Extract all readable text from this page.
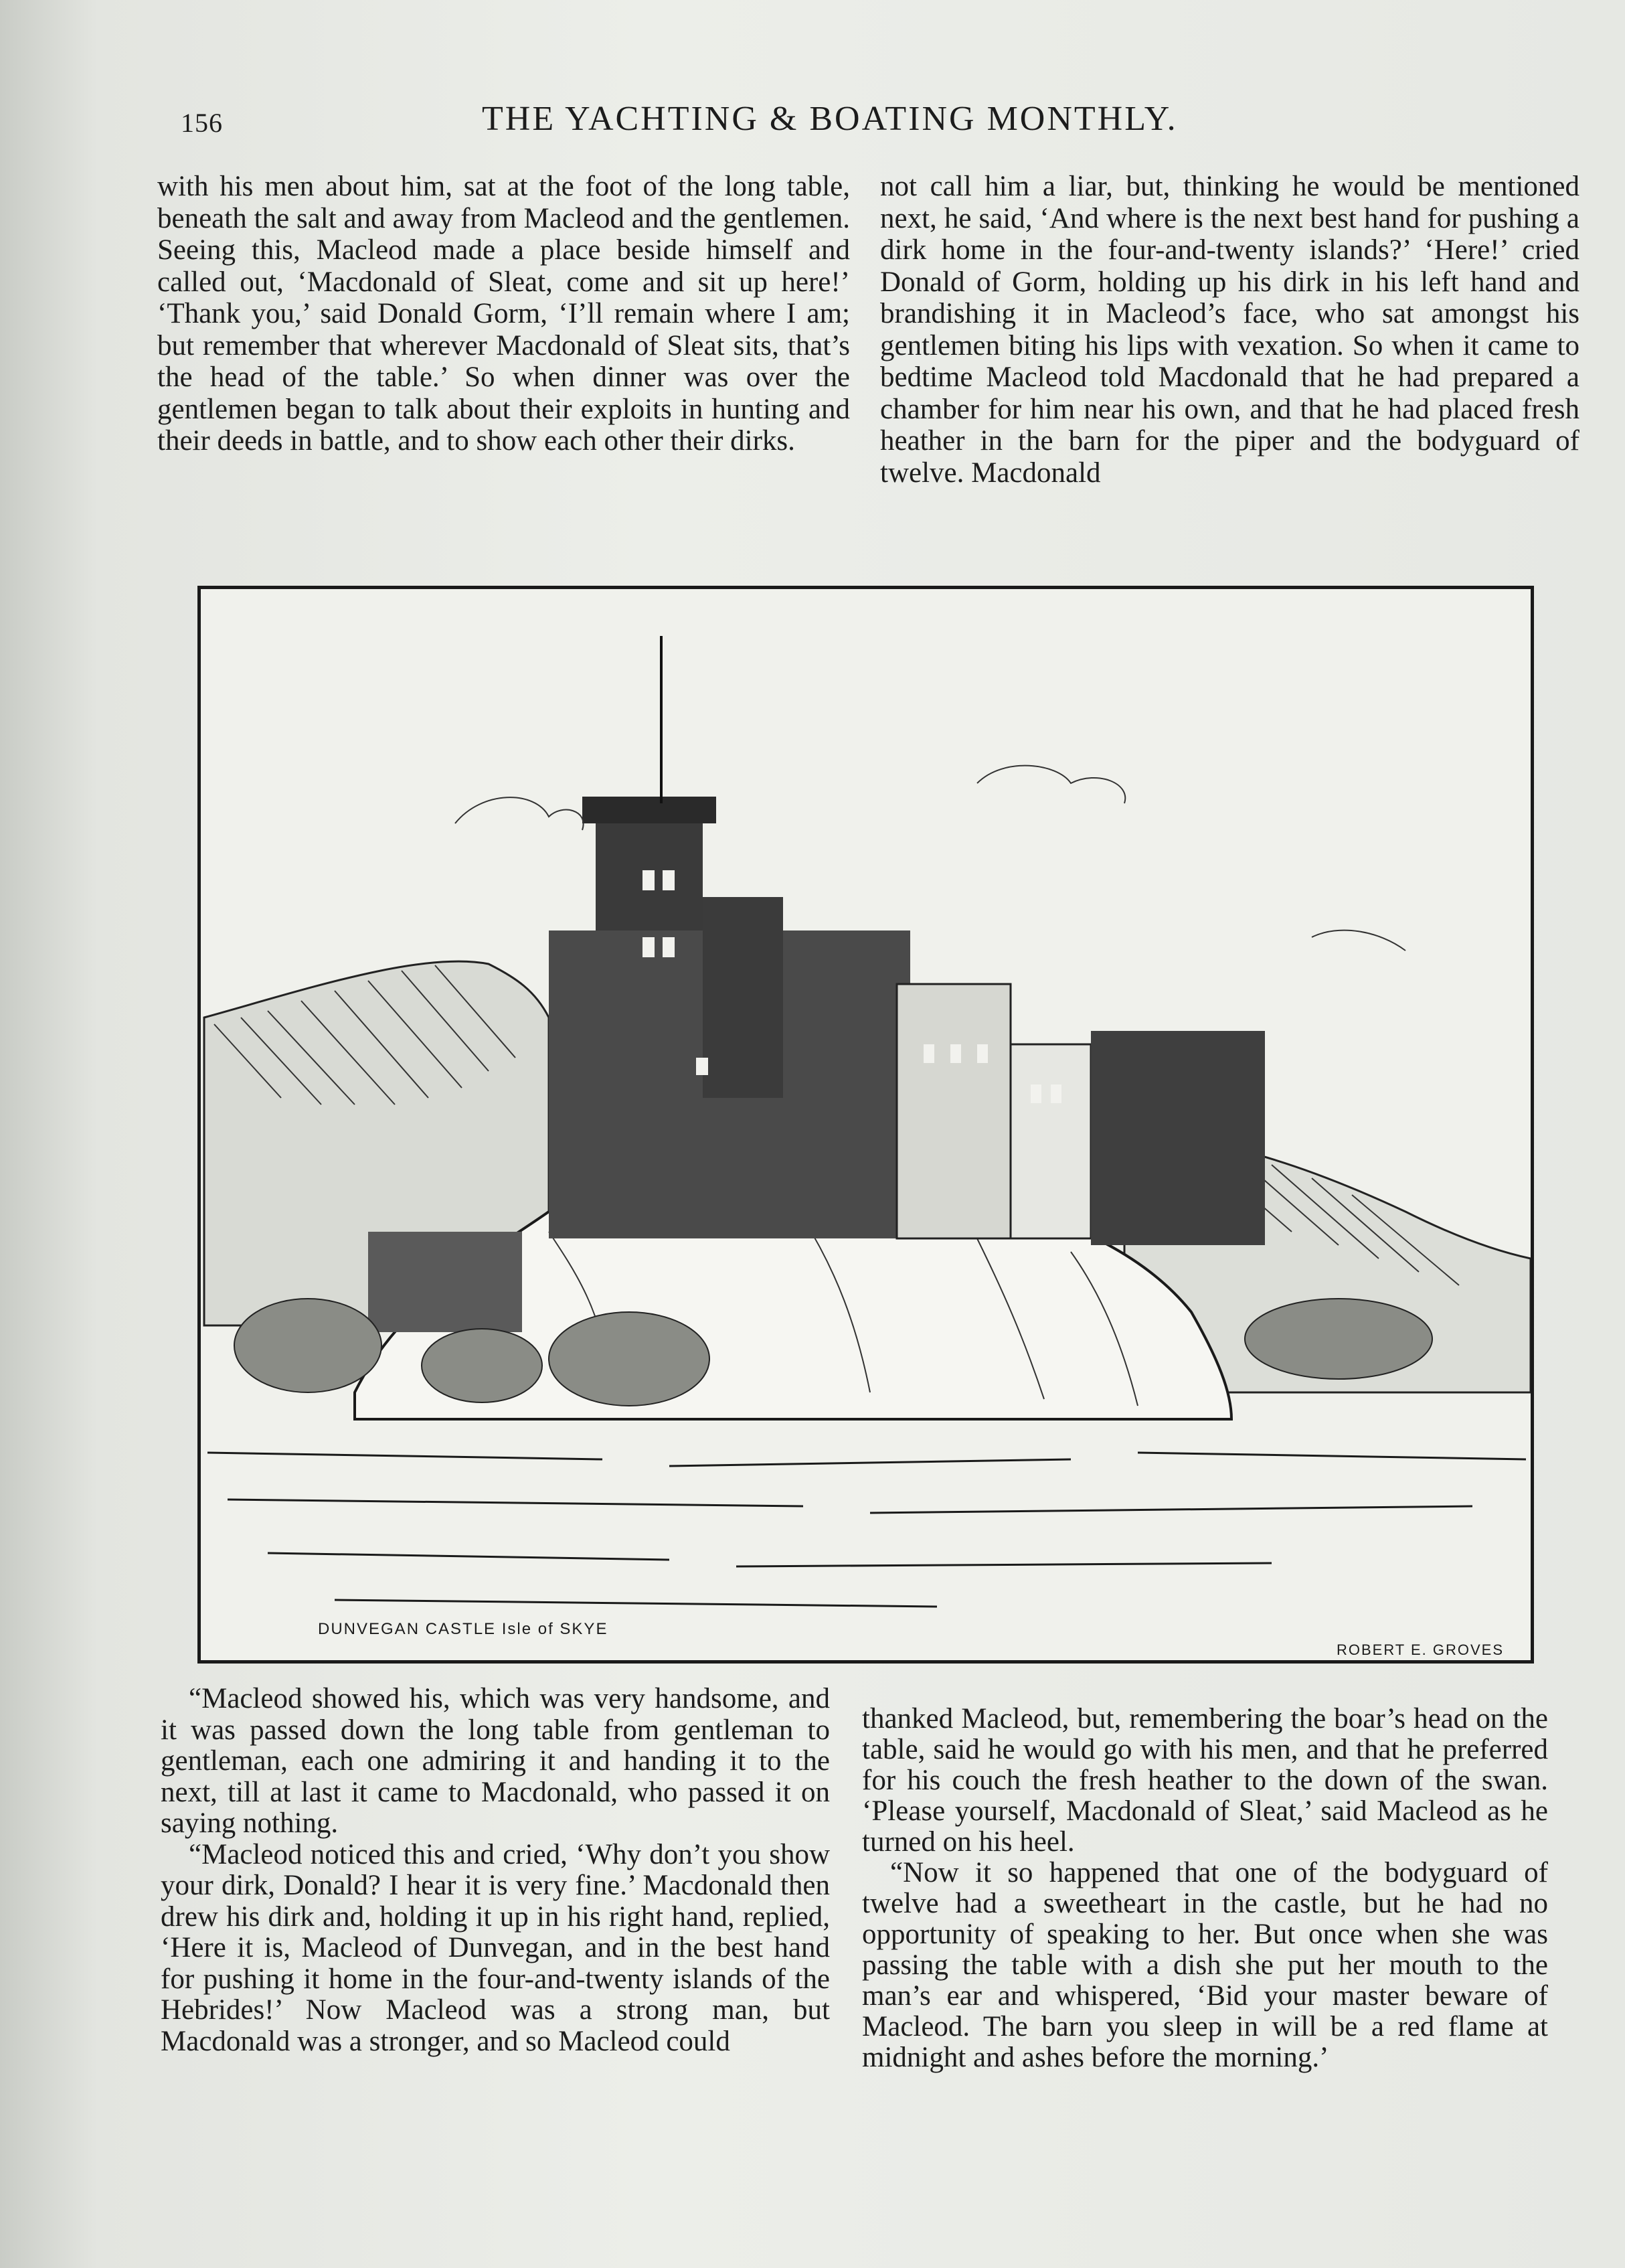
156	THE YACHTING & BOATING MONTHLY.

with his men about him, sat at the foot of the long table, beneath the salt and away from Macleod and the gentlemen. Seeing this, Macleod made a place beside himself and called out, ‘Macdonald of Sleat, come and sit up here!’ ‘Thank you,’ said Donald Gorm, ‘I’ll remain where I am; but remember that wherever Macdonald of Sleat sits, that’s the head of the table.’ So when dinner was over the gentlemen began to talk about their exploits in hunting and their deeds in battle, and to show each other their dirks.

not call him a liar, but, thinking he would be mentioned next, he said, ‘And where is the next best hand for pushing a dirk home in the four-and-twenty islands?’ ‘Here!’ cried Donald of Gorm, holding up his dirk in his left hand and brandishing it in Macleod’s face, who sat amongst his gentlemen biting his lips with vexation. So when it came to bedtime Macleod told Macdonald that he had prepared a chamber for him near his own, and that he had placed fresh heather in the barn for the piper and the bodyguard of twelve. Macdonald

DUNVEGAN CASTLE Isle of SKYE
ROBERT E. GROVES

“Macleod showed his, which was very handsome, and it was passed down the long table from gentleman to gentleman, each one admiring it and handing it to the next, till at last it came to Macdonald, who passed it on saying nothing.

“Macleod noticed this and cried, ‘Why don’t you show your dirk, Donald? I hear it is very fine.’ Macdonald then drew his dirk and, holding it up in his right hand, replied, ‘Here it is, Macleod of Dunvegan, and in the best hand for pushing it home in the four-and-twenty islands of the Hebrides!’ Now Macleod was a strong man, but Macdonald was a stronger, and so Macleod could

thanked Macleod, but, remembering the boar’s head on the table, said he would go with his men, and that he preferred for his couch the fresh heather to the down of the swan. ‘Please yourself, Macdonald of Sleat,’ said Macleod as he turned on his heel.

“Now it so happened that one of the bodyguard of twelve had a sweetheart in the castle, but he had no opportunity of speaking to her. But once when she was passing the table with a dish she put her mouth to the man’s ear and whispered, ‘Bid your master beware of Macleod. The barn you sleep in will be a red flame at midnight and ashes before the morning.’
